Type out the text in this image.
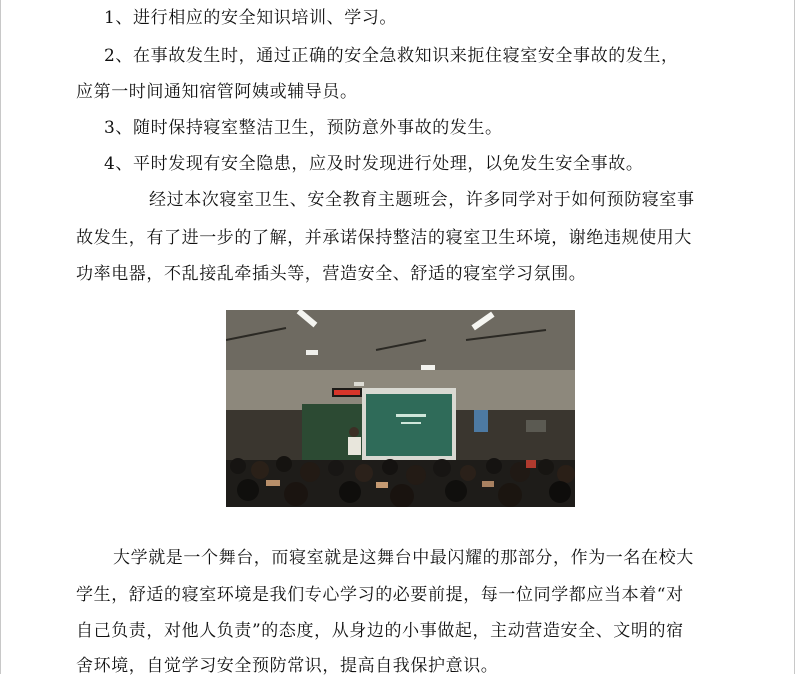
1、进行相应的安全知识培训、学习。
2、在事故发生时，通过正确的安全急救知识来扼住寝室安全事故的发生，
应第一时间通知宿管阿姨或辅导员。
3、随时保持寝室整洁卫生，预防意外事故的发生。
4、平时发现有安全隐患，应及时发现进行处理，以免发生安全事故。
经过本次寝室卫生、安全教育主题班会，许多同学对于如何预防寝室事
故发生，有了进一步的了解，并承诺保持整洁的寝室卫生环境，谢绝违规使用大
功率电器，不乱接乱牵插头等，营造安全、舒适的寝室学习氛围。
大学就是一个舞台，而寝室就是这舞台中最闪耀的那部分，作为一名在校大
学生，舒适的寝室环境是我们专心学习的必要前提，每一位同学都应当本着“对
自己负责，对他人负责”的态度，从身边的小事做起，主动营造安全、文明的宿
舍环境，自觉学习安全预防常识，提高自我保护意识。
